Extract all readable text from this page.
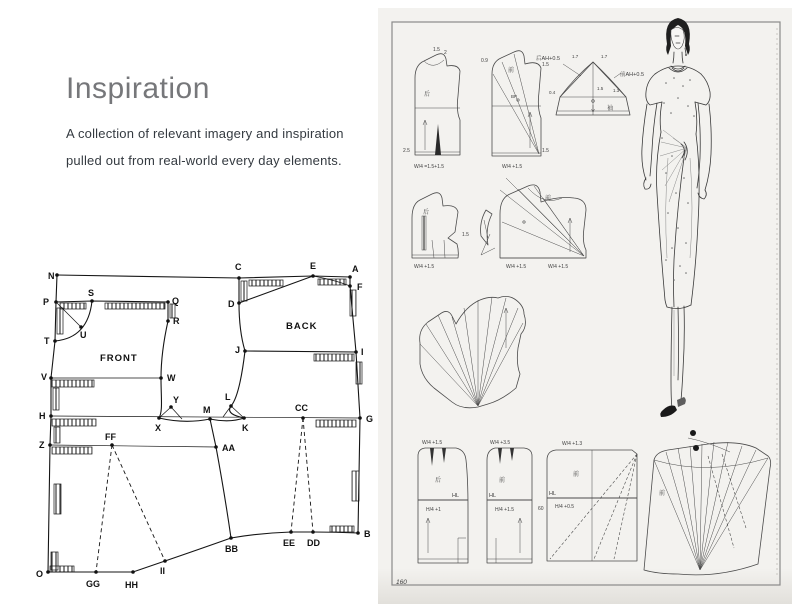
Inspiration

A collection of relevant imagery and inspiration
pulled out from real-world every day elements.

FRONT
BACK
N
C	E	A
F
P
S
Q
R
U
T
D
J	I
V	W
Y	L
M
H
X	K
CC
G
Z
FF
AA
EE DD
B
BB
O
GG	HH
II
1.5 2
后
2.5
W/4 =1.5+1.5
0.9
前
1.5
BP
1.5
W/4 +1.5
后AH+0.5
前AH+0.5
1.7	1.7
0.4
1.5 1.3
袖
后
1.5
W/4 +1.5
前
W/4 +1.5	W/4 +1.5
W/4 +1.5
后
HL
H/4 +1
W/4 +3.5
HL
前
H/4 +1.5
W/4 +1.3
HL
前
H/4 +0.5
60
前
160
